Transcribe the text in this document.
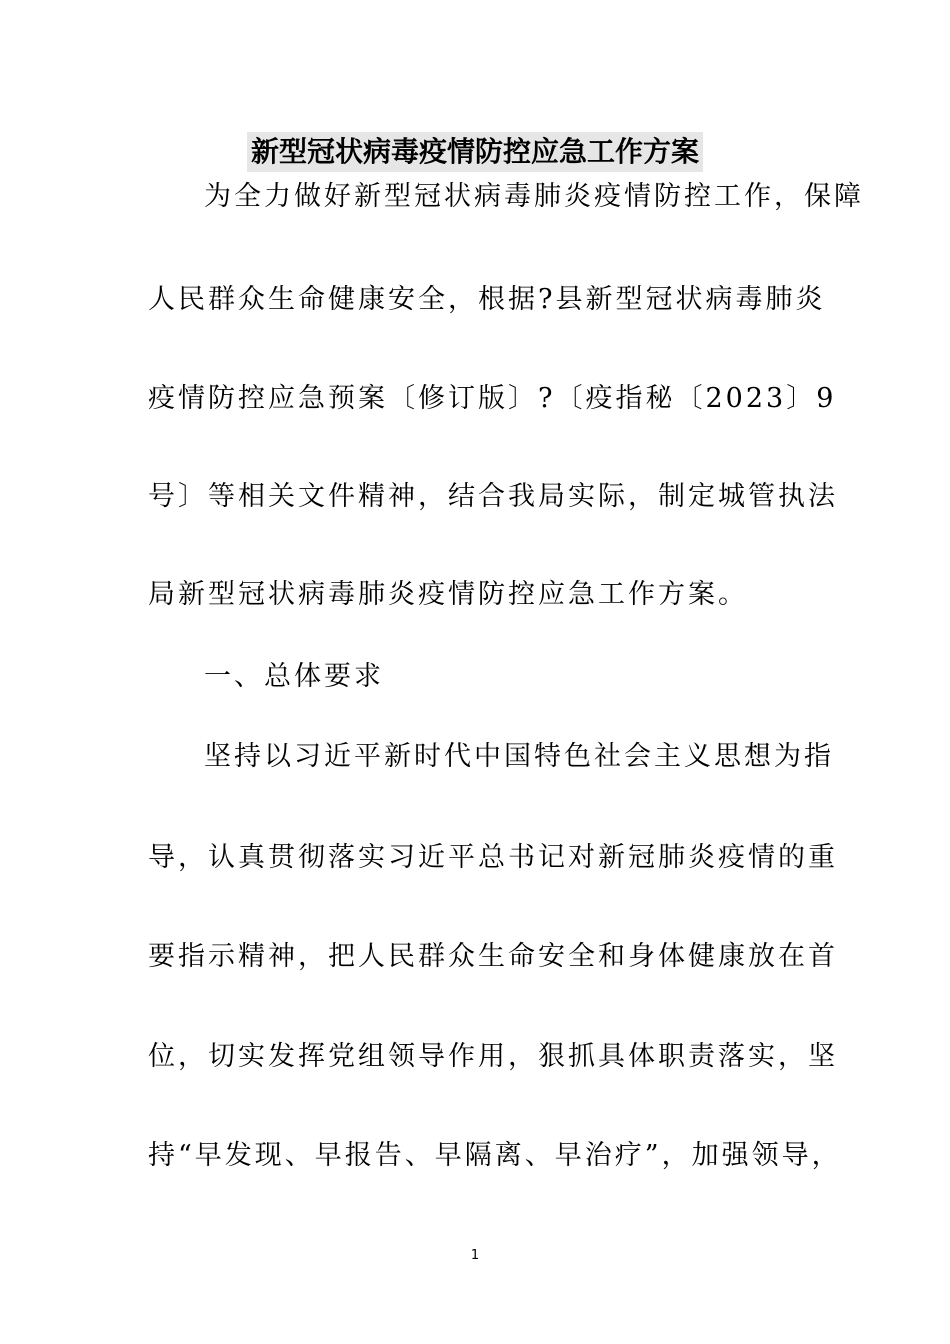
新型冠状病毒疫情防控应急工作方案
为全力做好新型冠状病毒肺炎疫情防控工作，保障
人民群众生命健康安全，根据?县新型冠状病毒肺炎
疫情防控应急预案〔修订版〕?〔疫指秘〔2023〕9
号〕等相关文件精神，结合我局实际，制定城管执法
局新型冠状病毒肺炎疫情防控应急工作方案。
一、总体要求
坚持以习近平新时代中国特色社会主义思想为指
导，认真贯彻落实习近平总书记对新冠肺炎疫情的重
要指示精神，把人民群众生命安全和身体健康放在首
位，切实发挥党组领导作用，狠抓具体职责落实，坚
持“早发现、早报告、早隔离、早治疗”，加强领导，
1
